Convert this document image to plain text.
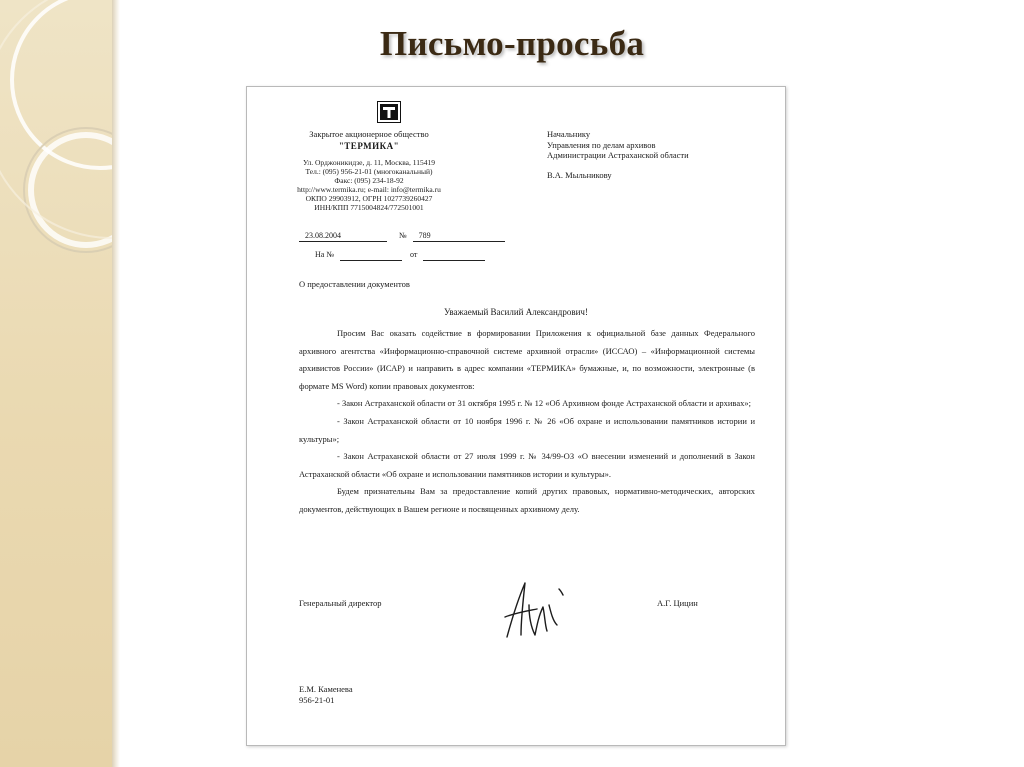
Письмо-просьба
Закрытое акционерное общество
"ТЕРМИКА"
Ул. Орджоникидзе, д. 11, Москва, 115419
Тел.: (095) 956-21-01 (многоканальный)
Факс: (095) 234-18-92
http://www.termika.ru; e-mail: info@termika.ru
ОКПО 29903912, ОГРН 1027739260427
ИНН/КПП 7715004824/772501001
Начальнику
Управления по делам архивов
Администрации Астраханской области
В.А. Мыльникову
23.08.2004	№ 789
На №	от
О предоставлении документов
Уважаемый Василий Александрович!

Просим Вас оказать содействие в формировании Приложения к официальной базе данных Федерального архивного агентства «Информационно-справочной системе архивной отрасли» (ИССАО) – «Информационной системы архивистов России» (ИСАР) и направить в адрес компании «ТЕРМИКА» бумажные, и, по возможности, электронные (в формате MS Word) копии правовых документов:

- Закон Астраханской области от 31 октября 1995 г. № 12 «Об Архивном фонде Астраханской области и архивах»;

- Закон Астраханской области от 10 ноября 1996 г. № 26 «Об охране и использовании памятников истории и культуры»;

- Закон Астраханской области от 27 июля 1999 г. № 34/99-ОЗ «О внесении изменений и дополнений в Закон Астраханской области «Об охране и использовании памятников истории и культуры».

Будем признательны Вам за предоставление копий других правовых, нормативно-методических, авторских документов, действующих в Вашем регионе и посвященных архивному делу.

Генеральный директор	А.Г. Цицин
Е.М. Каменева
956-21-01
